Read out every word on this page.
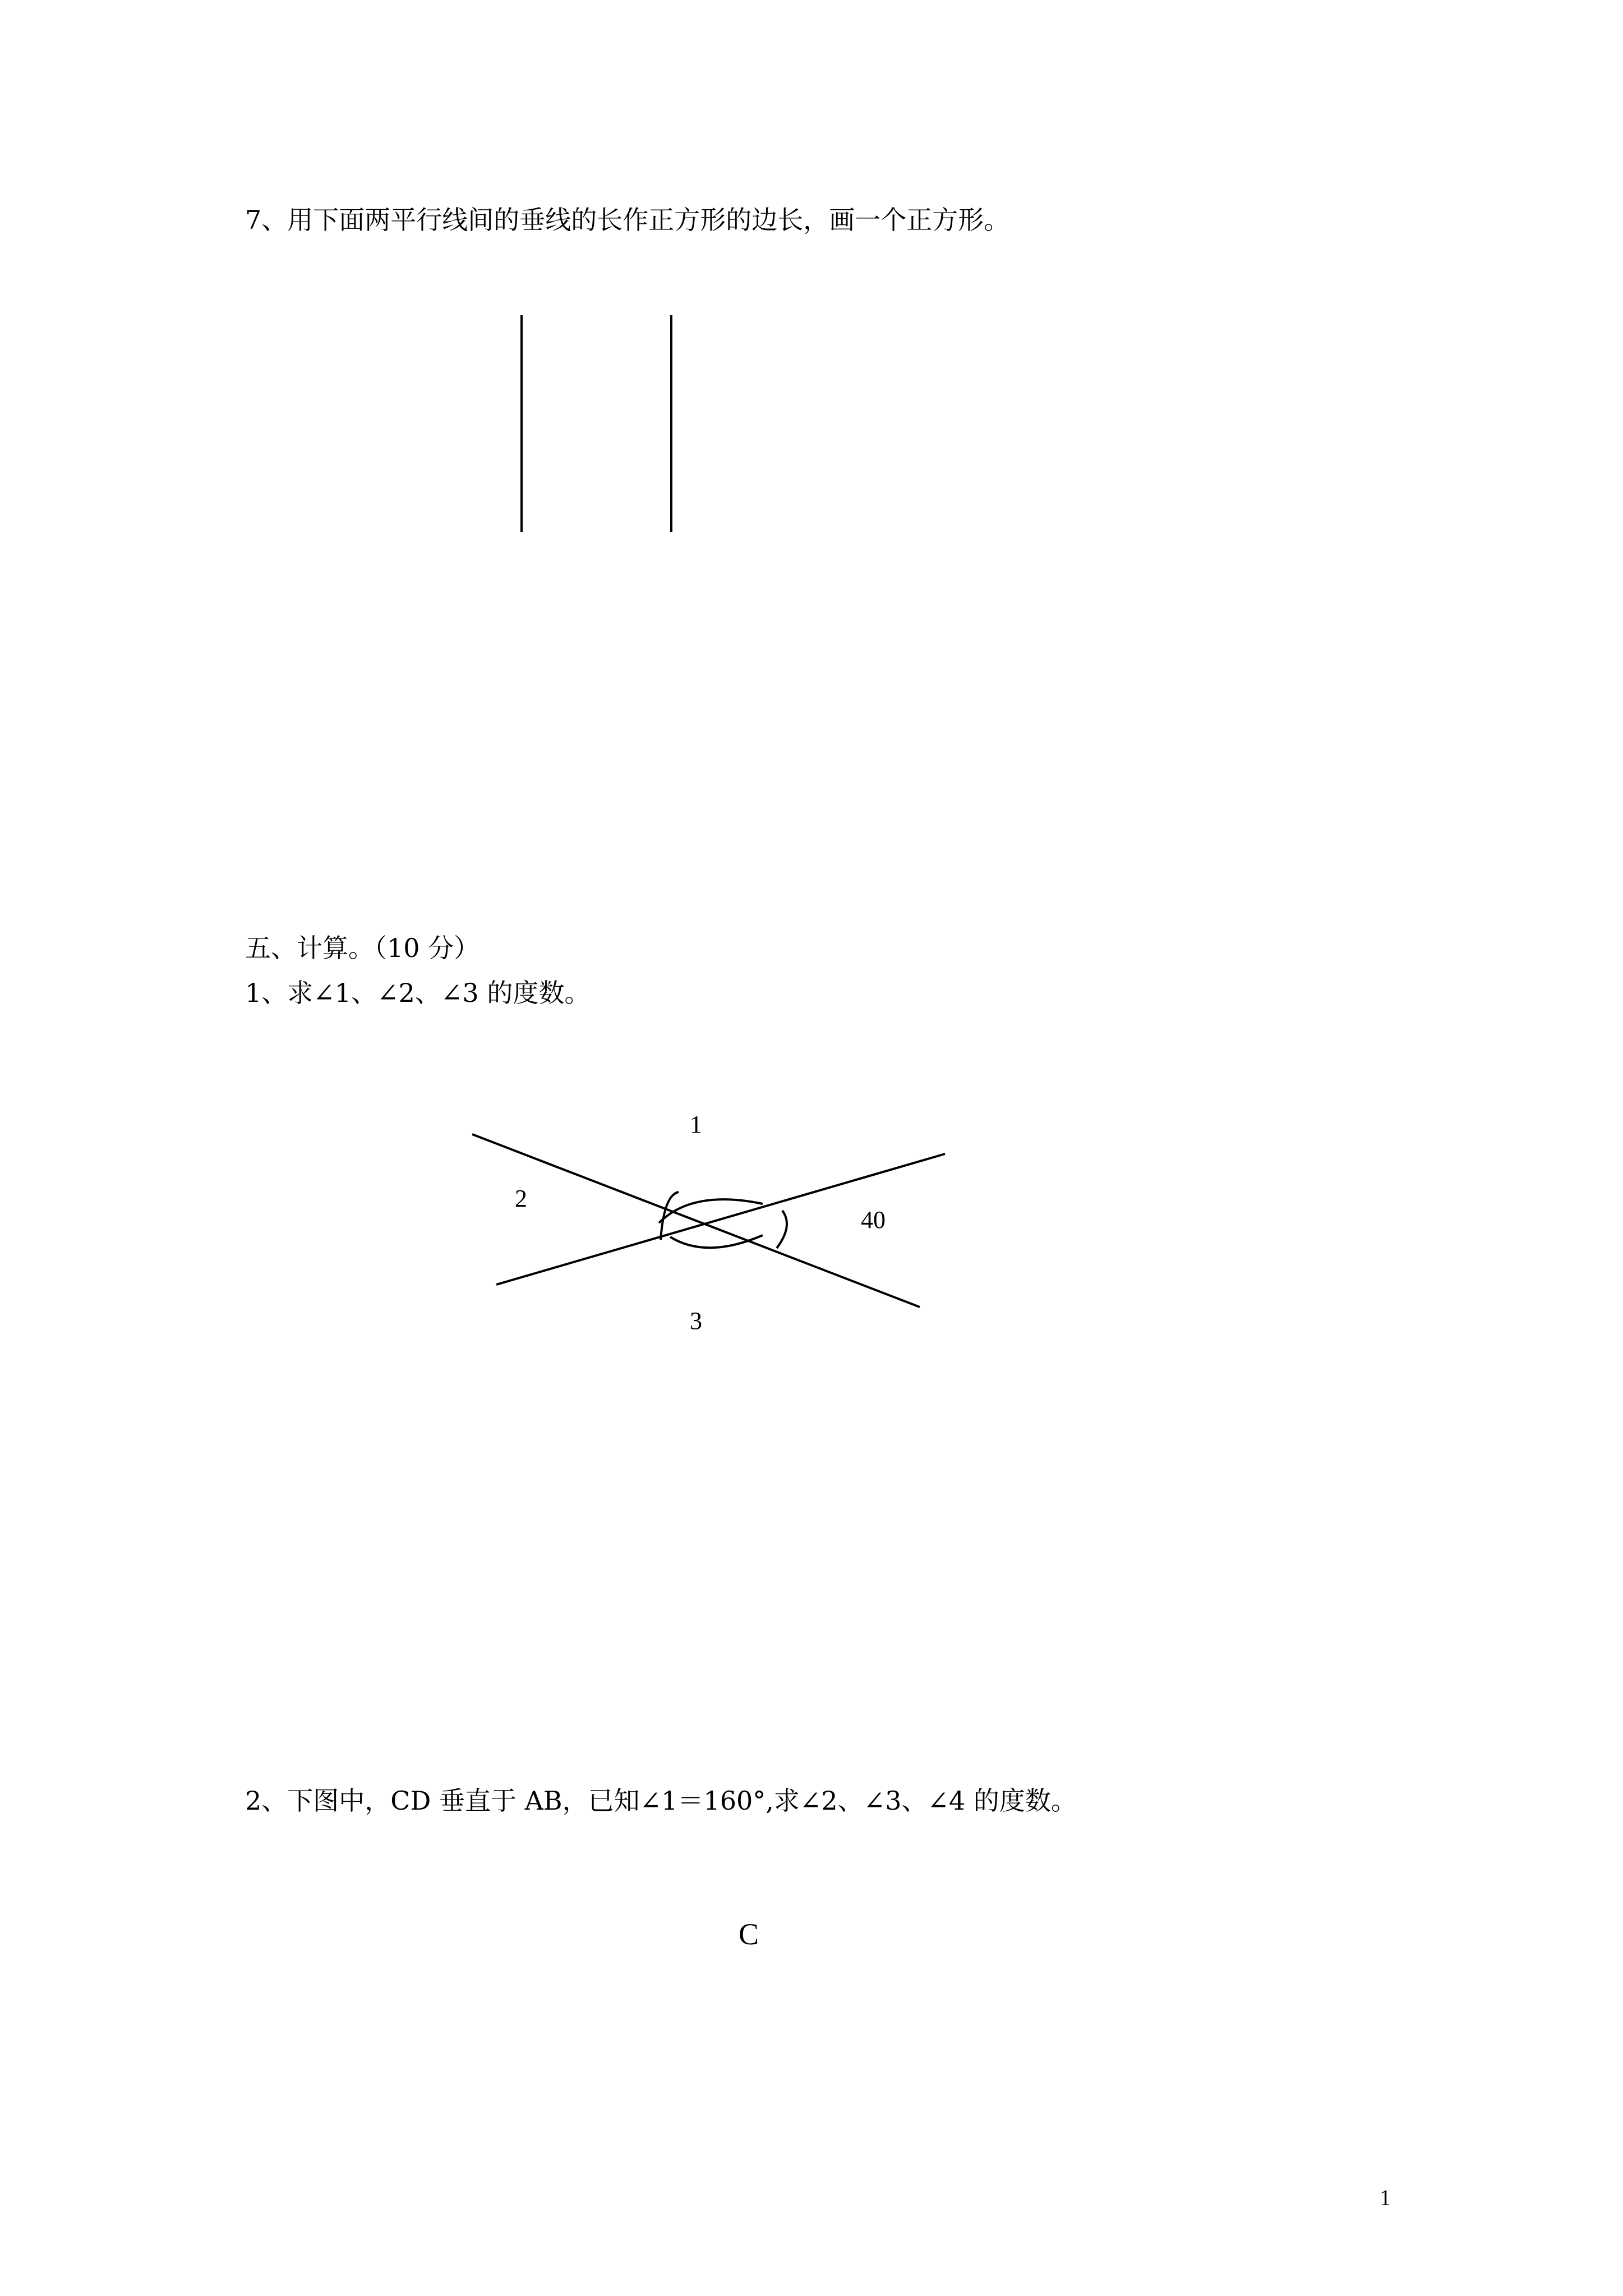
7、用下面两平行线间的垂线的长作正方形的边长，画一个正方形。
五、计算。（10 分）
1、求∠1、∠2、∠3 的度数。
1
2
40
3
2、下图中，CD 垂直于 AB，已知∠1＝160°,求∠2、∠3、∠4 的度数。
C
1
